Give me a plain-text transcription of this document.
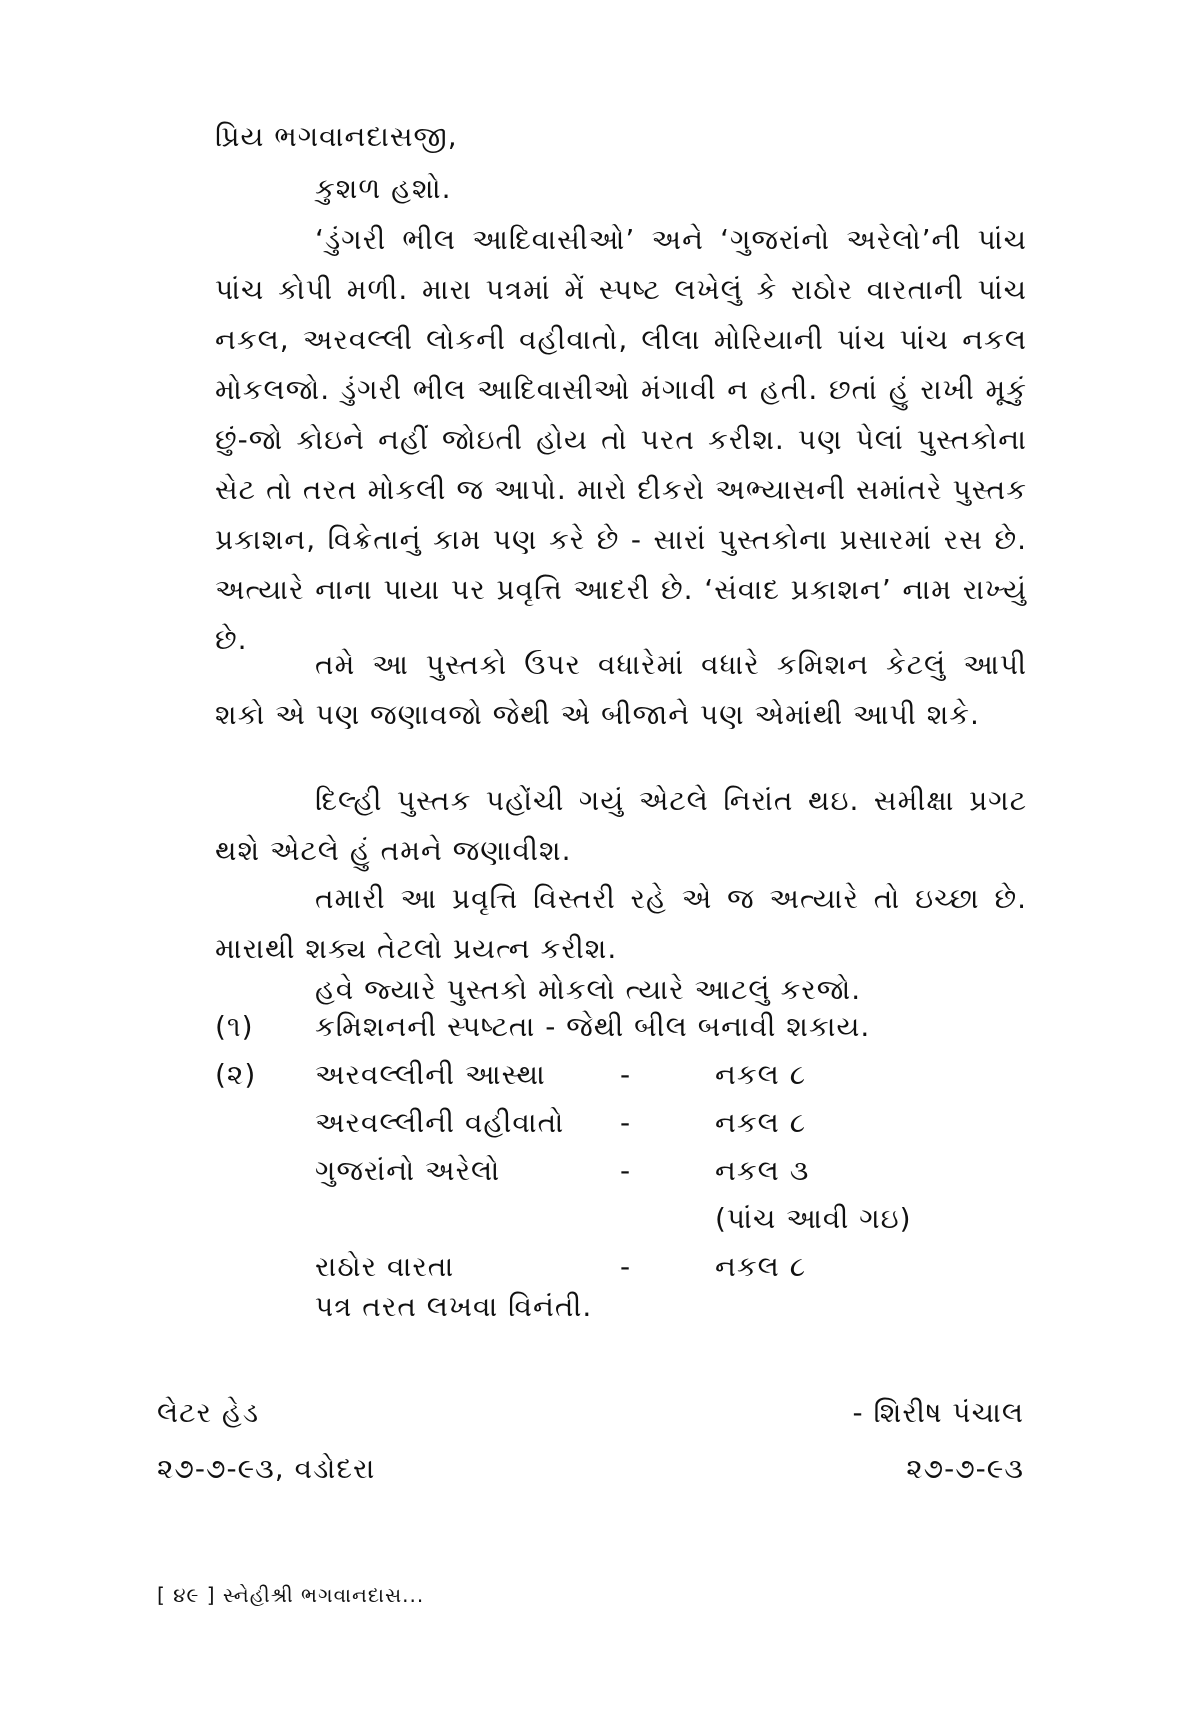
પ્રિય ભગવાનદાસજી,
કુશળ હશો.

‘ડુંગરી ભીલ આદિવાસીઓ’ અને ‘ગુજરાંનો અરેલો’ની પાંચ પાંચ કોપી મળી. મારા પત્રમાં મેં સ્પષ્ટ લખેલું કે રાઠોર વારતાની પાંચ નકલ, અરવલ્લી લોકની વહીવાતો, લીલા મોરિયાની પાંચ પાંચ નકલ મોકલજો. ડુંગરી ભીલ આદિવાસીઓ મંગાવી ન હતી. છતાં હું રાખી મૂકું છું-જો કોઇને નહીં જોઇતી હોય તો પરત કરીશ. પણ પેલાં પુસ્તકોના સેટ તો તરત મોકલી જ આપો. મારો દીકરો અભ્યાસની સમાંતરે પુસ્તક પ્રકાશન, વિક્રેતાનું કામ પણ કરે છે - સારાં પુસ્તકોના પ્રસારમાં રસ છે. અત્યારે નાના પાયા પર પ્રવૃત્તિ આદરી છે. ‘સંવાદ પ્રકાશન’ નામ રાખ્યું છે.

તમે આ પુસ્તકો ઉપર વધારેમાં વધારે કમિશન કેટલું આપી શકો એ પણ જણાવજો જેથી એ બીજાને પણ એમાંથી આપી શકે.

દિલ્હી પુસ્તક પહોંચી ગયું એટલે નિરાંત થઇ. સમીક્ષા પ્રગટ થશે એટલે હું તમને જણાવીશ.

તમારી આ પ્રવૃત્તિ વિસ્તરી રહે એ જ અત્યારે તો ઇચ્છા છે. મારાથી શક્ય તેટલો પ્રયત્ન કરીશ.

હવે જ્યારે પુસ્તકો મોકલો ત્યારે આટલું કરજો.

(૧) કમિશનની સ્પષ્ટતા - જેથી બીલ બનાવી શકાય.
(૨) અરવલ્લીની આસ્થા	-	નકલ ૮
અરવલ્લીની વહીવાતો -	નકલ ૮
ગુજરાંનો અરેલો	-	નકલ ૩
(પાંચ આવી ગઇ)
રાઠોર વારતા	-	નકલ ૮
પત્ર તરત લખવા વિનંતી.
લેટર હેડ
૨૭-૭-૯૩, વડોદરા
- શિરીષ પંચાલ
૨૭-૭-૯૩
[ ૪૯ ] સ્નેહીશ્રી ભગવાનદાસ...
